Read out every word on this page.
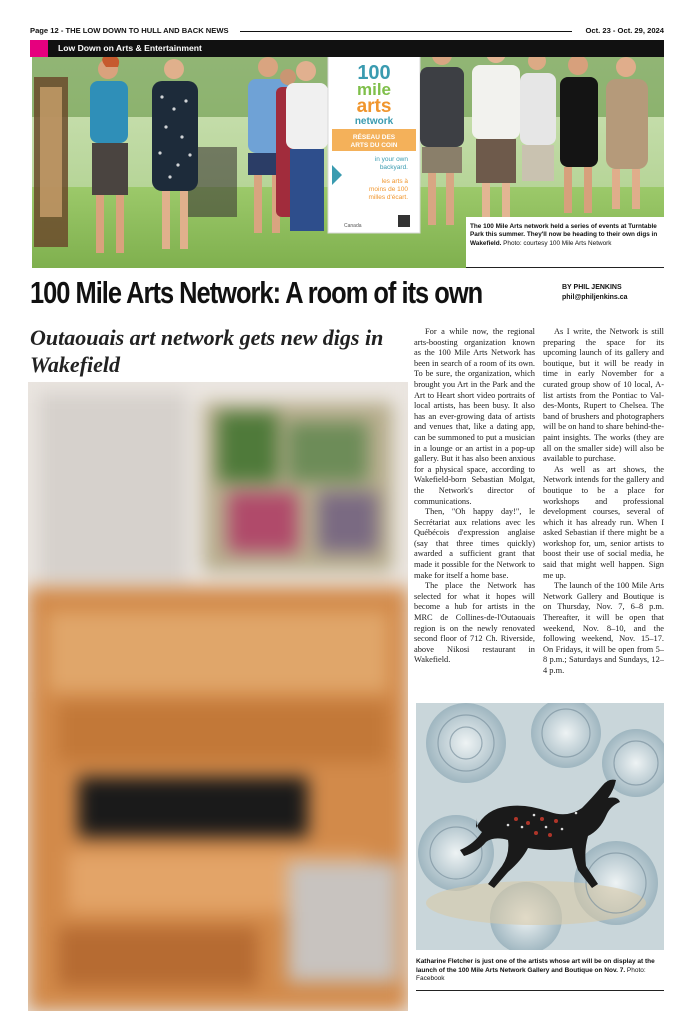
Page 12 - THE LOW DOWN TO HULL AND BACK NEWS	Oct. 23 - Oct. 29, 2024
Low Down on Arts & Entertainment
100
mile
arts
network
RÉSEAU DES
ARTS DU COIN
in your own
backyard.
les arts à
moins de 100
milles d'écart.
Canada	The 100 Mile Arts network held a series of events at Turntable Park this summer. They'll now be heading to their own digs in Wakefield. Photo: courtesy 100 Mile Arts Network
100 Mile Arts Network: A room of its own	BY PHIL JENKINS
phil@philjenkins.ca
Outaouais art network gets new digs in Wakefield

For a while now, the regional arts-boosting organization known as the 100 Mile Arts Network has been in search of a room of its own. To be sure, the organization, which brought you Art in the Park and the Art to Heart short video portraits of local artists, has been busy. It also has an ever-growing data of artists and venues that, like a dating app, can be summoned to put a musician in a lounge or an artist in a pop-up gallery. But it has also been anxious for a physical space, according to Wakefield-born Sebastian Molgat, the Network's director of communications.

Then, "Oh happy day!", le Secrétariat aux relations avec les Québécois d'expression anglaise (say that three times quickly) awarded a sufficient grant that made it possible for the Network to make for itself a home base.

The place the Network has selected for what it hopes will become a hub for artists in the MRC de Collines-de-l'Outaouais region is on the newly renovated second floor of 712 Ch. Riverside, above Nikosi restaurant in Wakefield.

As I write, the Network is still preparing the space for its upcoming launch of its gallery and boutique, but it will be ready in time in early November for a curated group show of 10 local, A-list artists from the Pontiac to Val-des-Monts, Rupert to Chelsea. The band of brushers and photographers will be on hand to share behind-the-paint insights. The works (they are all on the smaller side) will also be available to purchase.

As well as art shows, the Network intends for the gallery and boutique to be a place for workshops and professional development courses, several of which it has already run. When I asked Sebastian if there might be a workshop for, um, senior artists to boost their use of social media, he said that might well happen. Sign me up.

The launch of the 100 Mile Arts Network Gallery and Boutique is on Thursday, Nov. 7, 6–8 p.m. Thereafter, it will be open that weekend, Nov. 8–10, and the following weekend, Nov. 15–17. On Fridays, it will be open from 5–8 p.m.; Saturdays and Sundays, 12–4 p.m.

Katharine Fletcher is just one of the artists whose art will be on display at the launch of the 100 Mile Arts Network Gallery and Boutique on Nov. 7. Photo: Facebook
